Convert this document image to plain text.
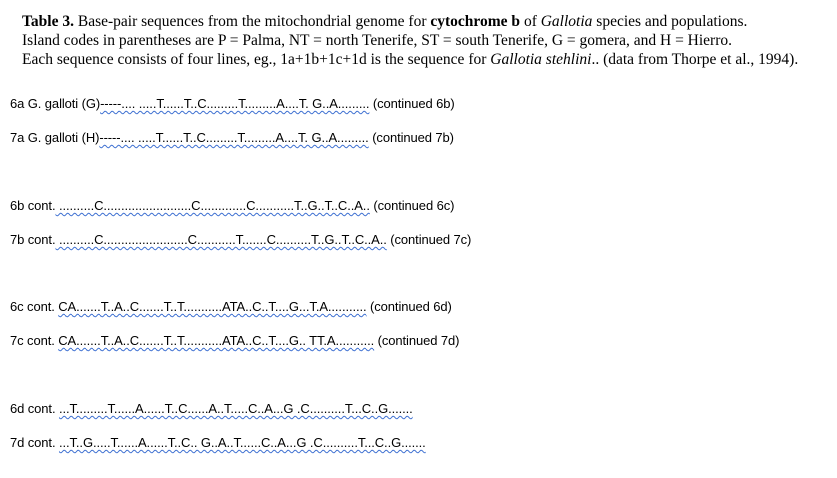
Table 3. Base-pair sequences from the mitochondrial genome for cytochrome b of Gallotia species and populations.
Island codes in parentheses are P = Palma, NT = north Tenerife, ST = south Tenerife, G = gomera, and H = Hierro.
Each sequence consists of four lines, eg., 1a+1b+1c+1d is the sequence for Gallotia stehlini.. (data from Thorpe et al., 1994).
6a G. galloti (G)-----.... .....T......T..C.........T.........A....T. G..A......... (continued 6b)
7a G. galloti (H)-----.... .....T......T..C.........T.........A....T. G..A......... (continued 7b)
6b cont. ..........C.........................C.............C...........T..G..T..C..A.. (continued 6c)
7b cont. ..........C........................C...........T.......C..........T..G..T..C..A.. (continued 7c)
6c cont. CA.......T..A..C.......T..T...........ATA..C..T....G...T.A........... (continued 6d)
7c cont. CA.......T..A..C.......T..T...........ATA..C..T....G.. TT.A........... (continued 7d)
6d cont. ...T.........T......A......T..C......A..T.....C..A...G .C..........T...C..G.......
7d cont. ...T..G.....T......A......T..C.. G..A..T......C..A...G .C..........T...C..G.......
